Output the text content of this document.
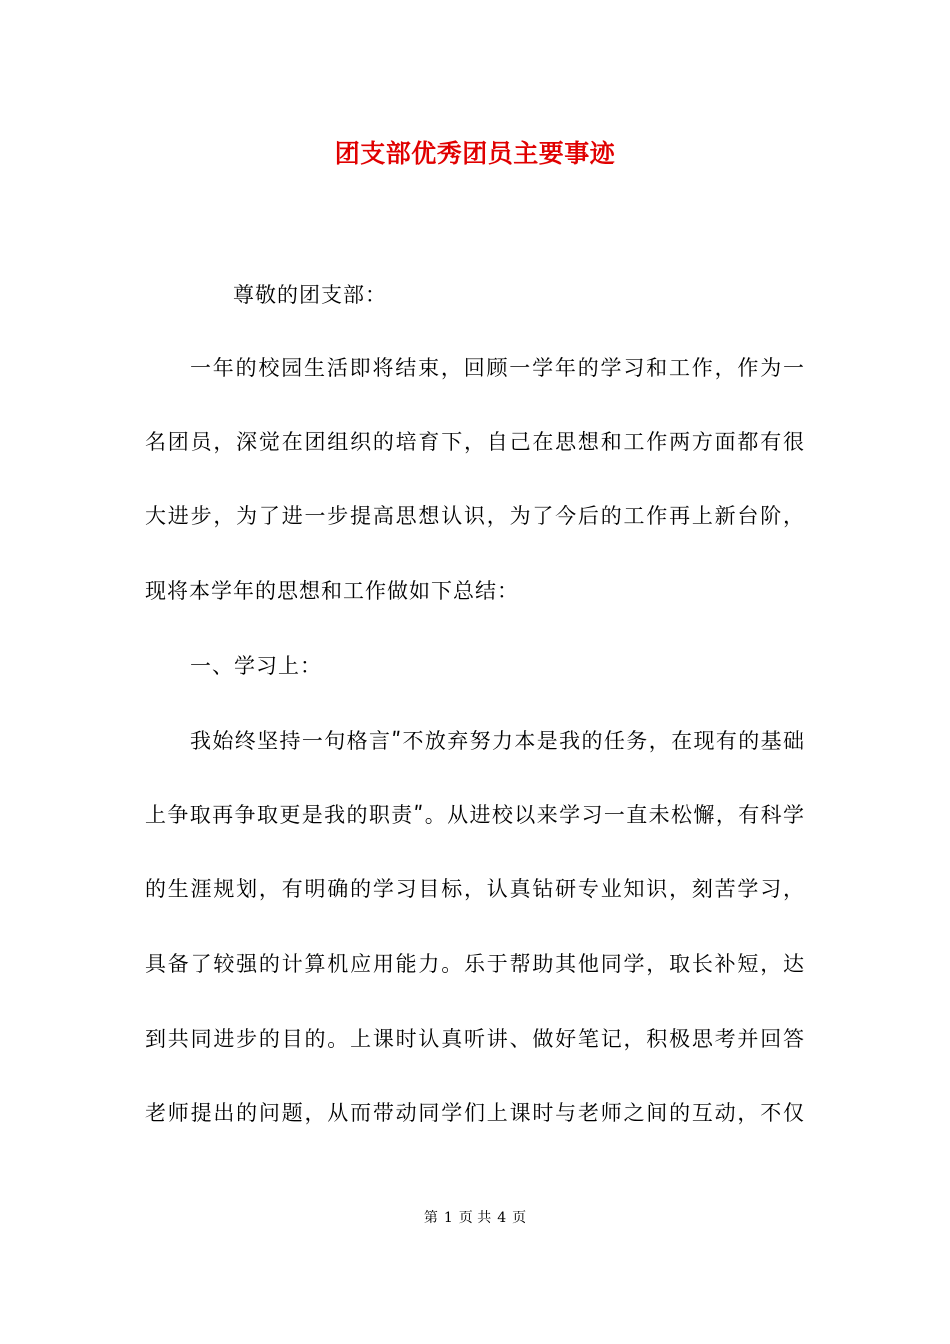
团支部优秀团员主要事迹
尊敬的团支部：
一年的校园生活即将结束，回顾一学年的学习和工作，作为一
名团员，深觉在团组织的培育下，自己在思想和工作两方面都有很
大进步，为了进一步提高思想认识，为了今后的工作再上新台阶，
现将本学年的思想和工作做如下总结：
一、学习上：
我始终坚持一句格言ʺ不放弃努力本是我的任务，在现有的基础
上争取再争取更是我的职责ʺ。从进校以来学习一直未松懈，有科学
的生涯规划，有明确的学习目标，认真钻研专业知识，刻苦学习，
具备了较强的计算机应用能力。乐于帮助其他同学，取长补短，达
到共同进步的目的。上课时认真听讲、做好笔记，积极思考并回答
老师提出的问题，从而带动同学们上课时与老师之间的互动，不仅
第 1 页 共 4 页
